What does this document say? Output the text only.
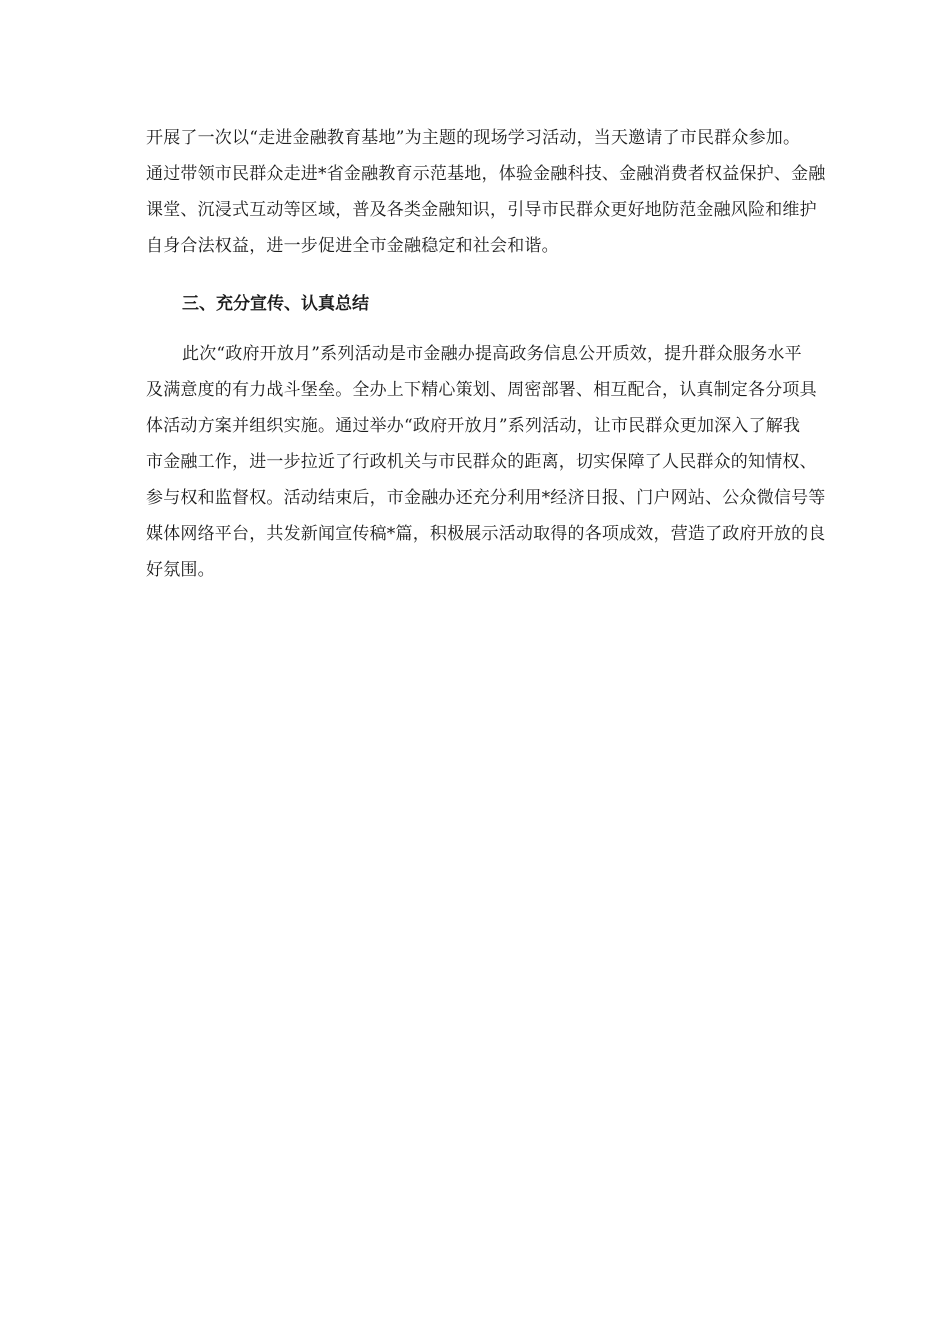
开展了一次以“走进金融教育基地”为主题的现场学习活动，当天邀请了市民群众参加。
通过带领市民群众走进*省金融教育示范基地，体验金融科技、金融消费者权益保护、金融
课堂、沉浸式互动等区域，普及各类金融知识，引导市民群众更好地防范金融风险和维护
自身合法权益，进一步促进全市金融稳定和社会和谐。
三、充分宣传、认真总结
此次“政府开放月”系列活动是市金融办提高政务信息公开质效，提升群众服务水平
及满意度的有力战斗堡垒。全办上下精心策划、周密部署、相互配合，认真制定各分项具
体活动方案并组织实施。通过举办“政府开放月”系列活动，让市民群众更加深入了解我
市金融工作，进一步拉近了行政机关与市民群众的距离，切实保障了人民群众的知情权、
参与权和监督权。活动结束后，市金融办还充分利用*经济日报、门户网站、公众微信号等
媒体网络平台，共发新闻宣传稿*篇，积极展示活动取得的各项成效，营造了政府开放的良
好氛围。
